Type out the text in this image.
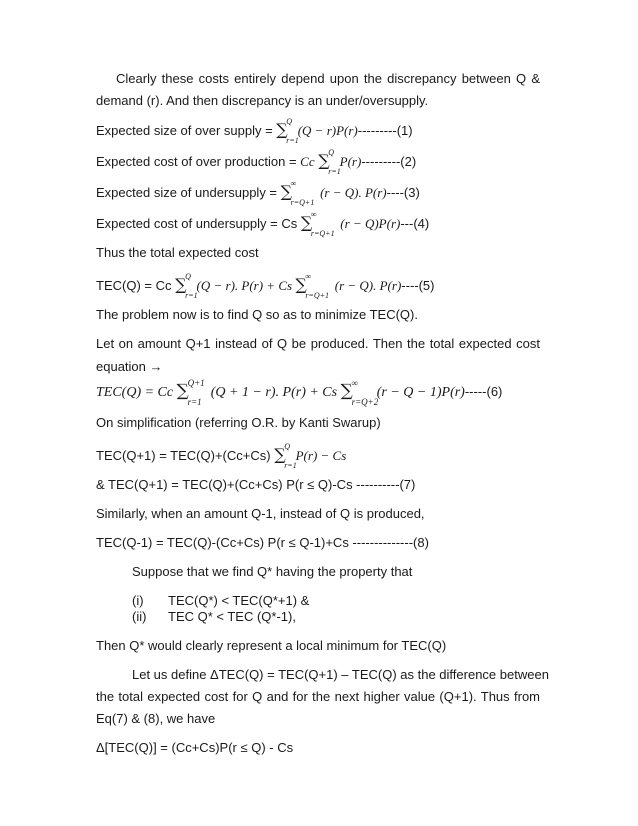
Clearly these costs entirely depend upon the discrepancy between Q &
demand (r). And then discrepancy is an under/oversupply.
Expected size of over supply = ∑
Q
r=1
(Q − r)P(r)---------(1)
Expected cost of over production = Cc ∑
Q
r=1
P(r)---------(2)
Expected size of undersupply = ∑
∞
r=Q+1
(r − Q). P(r)----(3)
Expected cost of undersupply = Cs ∑
∞
r=Q+1
(r − Q)P(r)---(4)
Thus the total expected cost
TEC(Q) = Cc ∑
Q
r=1
(Q − r). P(r) + Cs ∑
∞
r=Q+1
(r − Q). P(r)----(5)
The problem now is to find Q so as to minimize TEC(Q).
Let on amount Q+1 instead of Q be produced. Then the total expected cost
equation →
TEC(Q) = Cc ∑
Q+1
r=1
(Q + 1 − r). P(r) + Cs ∑
∞
r=Q+2
(r − Q − 1)P(r)-----(6)
On simplification (referring O.R. by Kanti Swarup)
TEC(Q+1) = TEC(Q)+(Cc+Cs) ∑
Q
r=1
P(r) − Cs
& TEC(Q+1) = TEC(Q)+(Cc+Cs) P(r ≤ Q)-Cs ----------(7)
Similarly, when an amount Q-1, instead of Q is produced,
TEC(Q-1) = TEC(Q)-(Cc+Cs) P(r ≤ Q-1)+Cs --------------(8)
Suppose that we find Q* having the property that
(i) TEC(Q*) < TEC(Q*+1) &
(ii) TEC Q* < TEC (Q*-1),
Then Q* would clearly represent a local minimum for TEC(Q)
Let us define ΔTEC(Q) = TEC(Q+1) – TEC(Q) as the difference between
the total expected cost for Q and for the next higher value (Q+1). Thus from
Eq(7) & (8), we have
Δ[TEC(Q)] = (Cc+Cs)P(r ≤ Q) - Cs
